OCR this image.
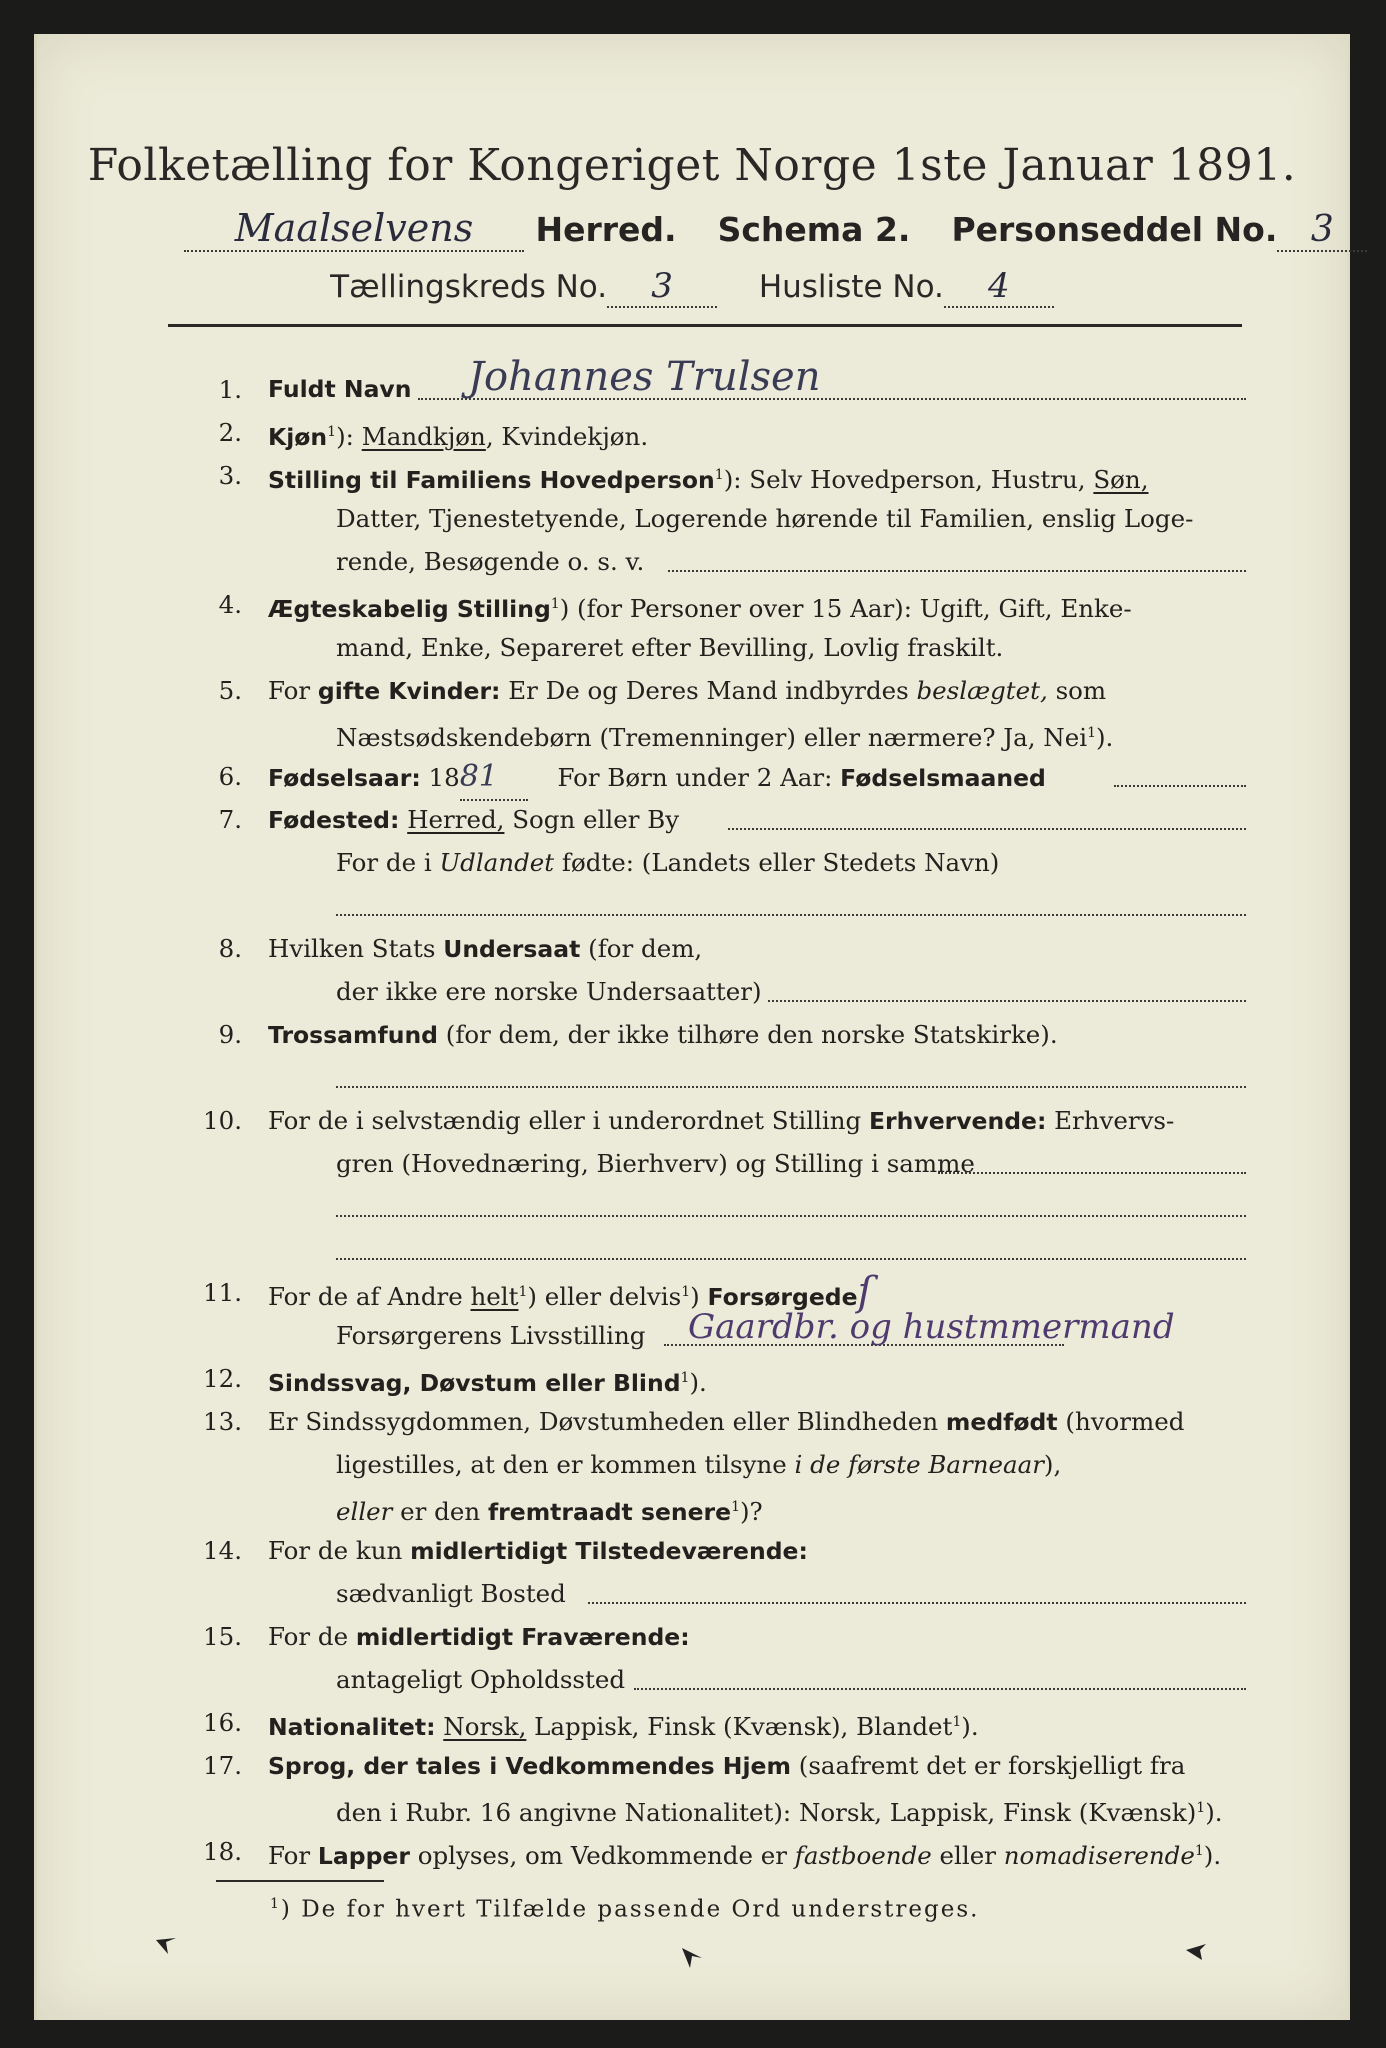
Folketælling for Kongeriget Norge 1ste Januar 1891.
Maalselvens Herred. Schema 2. Personseddel No. 3
Tællingskreds No. 3	Husliste No. 4
1. Fuldt Navn Johannes Trulsen
2. Kjøn$^1$): Mandkjøn, Kvindekjøn.
3. Stilling til Familiens Hovedperson$^1$): Selv Hovedperson, Hustru, Søn,
Datter, Tjenestetyende, Logerende hørende til Familien, enslig Loge-
rende, Besøgende o. s. v.
4. Ægteskabelig Stilling$^1$) (for Personer over 15 Aar): Ugift, Gift, Enke-
mand, Enke, Separeret efter Bevilling, Lovlig fraskilt.
5. For gifte Kvinder: Er De og Deres Mand indbyrdes beslægtet, som
Næstsødskendebørn (Tremenninger) eller nærmere? Ja, Nei$^1$).
6. Fødselsaar: 1881 For Børn under 2 Aar: Fødselsmaaned
7. Fødested: Herred, Sogn eller By
For de i Udlandet fødte: (Landets eller Stedets Navn)
8. Hvilken Stats Undersaat (for dem,
der ikke ere norske Undersaatter)
9. Trossamfund (for dem, der ikke tilhøre den norske Statskirke).
10. For de i selvstændig eller i underordnet Stilling Erhvervende: Erhvervs-
gren (Hovednæring, Bierhverv) og Stilling i samme
11. For de af Andre helt$^1$) eller delvis$^1$) Forsørgedeſ
Forsørgerens Livsstilling Gaardbr. og hustmmermand
12. Sindssvag, Døvstum eller Blind$^1$).
13. Er Sindssygdommen, Døvstumheden eller Blindheden medfødt (hvormed
ligestilles, at den er kommen tilsyne i de første Barneaar),
eller er den fremtraadt senere$^1$)?
14. For de kun midlertidigt Tilstedeværende:
sædvanligt Bosted
15. For de midlertidigt Fraværende:
antageligt Opholdssted
16. Nationalitet: Norsk, Lappisk, Finsk (Kvænsk), Blandet$^1$).
17. Sprog, der tales i Vedkommendes Hjem (saafremt det er forskjelligt fra
den i Rubr. 16 angivne Nationalitet): Norsk, Lappisk, Finsk (Kvænsk)$^1$).
18. For Lapper oplyses, om Vedkommende er fastboende eller nomadiserende$^1$).
$^1$) De for hvert Tilfælde passende Ord understreges.
